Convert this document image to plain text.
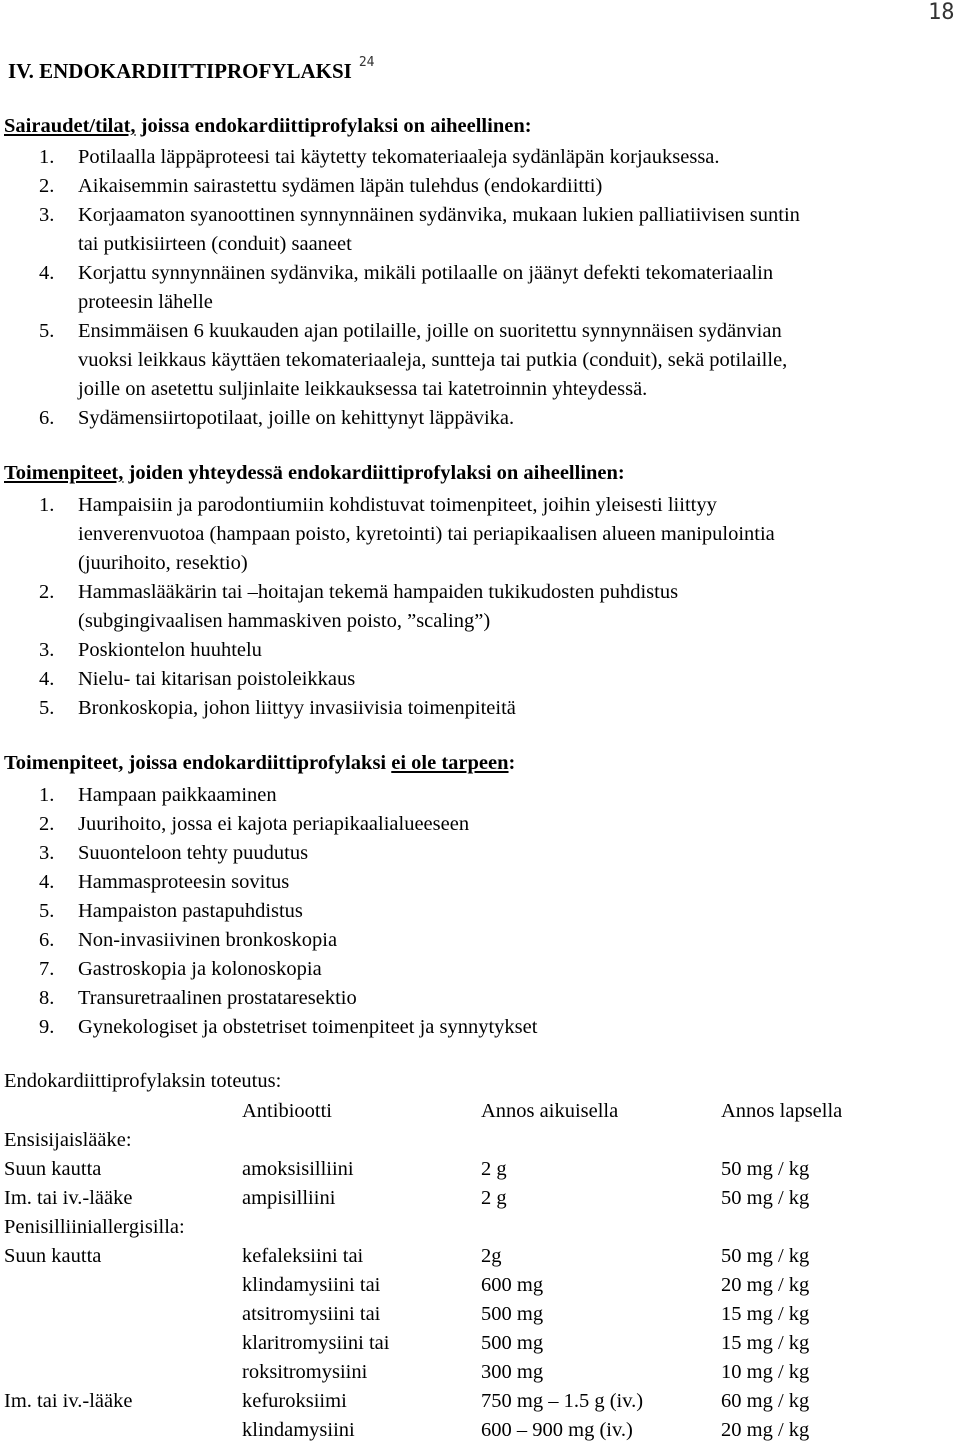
18
IV. ENDOKARDIITTIPROFYLAKSI $^{24}$
Sairaudet/tilat, joissa endokardiittiprofylaksi on aiheellinen:
1. Potilaalla läppäproteesi tai käytetty tekomateriaaleja sydänläpän korjauksessa.
2. Aikaisemmin sairastettu sydämen läpän tulehdus (endokardiitti)
3. Korjaamaton syanoottinen synnynnäinen sydänvika, mukaan lukien palliatiivisen suntin
tai putkisiirteen (conduit) saaneet
4. Korjattu synnynnäinen sydänvika, mikäli potilaalle on jäänyt defekti tekomateriaalin
proteesin lähelle
5. Ensimmäisen 6 kuukauden ajan potilaille, joille on suoritettu synnynnäisen sydänvian
vuoksi leikkaus käyttäen tekomateriaaleja, suntteja tai putkia (conduit), sekä potilaille,
joille on asetettu suljinlaite leikkauksessa tai katetroinnin yhteydessä.
6. Sydämensiirtopotilaat, joille on kehittynyt läppävika.
Toimenpiteet, joiden yhteydessä endokardiittiprofylaksi on aiheellinen:
1. Hampaisiin ja parodontiumiin kohdistuvat toimenpiteet, joihin yleisesti liittyy
ienverenvuotoa (hampaan poisto, kyretointi) tai periapikaalisen alueen manipulointia
(juurihoito, resektio)
2. Hammaslääkärin tai –hoitajan tekemä hampaiden tukikudosten puhdistus
(subgingivaalisen hammaskiven poisto, ”scaling”)
3. Poskiontelon huuhtelu
4. Nielu- tai kitarisan poistoleikkaus
5. Bronkoskopia, johon liittyy invasiivisia toimenpiteitä
Toimenpiteet, joissa endokardiittiprofylaksi ei ole tarpeen:
1. Hampaan paikkaaminen
2. Juurihoito, jossa ei kajota periapikaalialueeseen
3. Suuonteloon tehty puudutus
4. Hammasproteesin sovitus
5. Hampaiston pastapuhdistus
6. Non-invasiivinen bronkoskopia
7. Gastroskopia ja kolonoskopia
8. Transuretraalinen prostataresektio
9. Gynekologiset ja obstetriset toimenpiteet ja synnytykset
Endokardiittiprofylaksin toteutus:
	Antibiootti	Annos aikuisella	Annos lapsella
Ensisijaislääke:			
Suun kautta	amoksisilliini	2 g	50 mg / kg
Im. tai iv.-lääke	ampisilliini	2 g	50 mg / kg
Penisilliiniallergisilla:			
Suun kautta	kefaleksiini tai	2g	50 mg / kg
	klindamysiini tai	600 mg	20 mg / kg
	atsitromysiini tai	500 mg	15 mg / kg
	klaritromysiini tai	500 mg	15 mg / kg
	roksitromysiini	300 mg	10 mg / kg
Im. tai iv.-lääke	kefuroksiimi	750 mg – 1.5 g (iv.)	60 mg / kg
	klindamysiini	600 – 900 mg (iv.)	20 mg / kg
